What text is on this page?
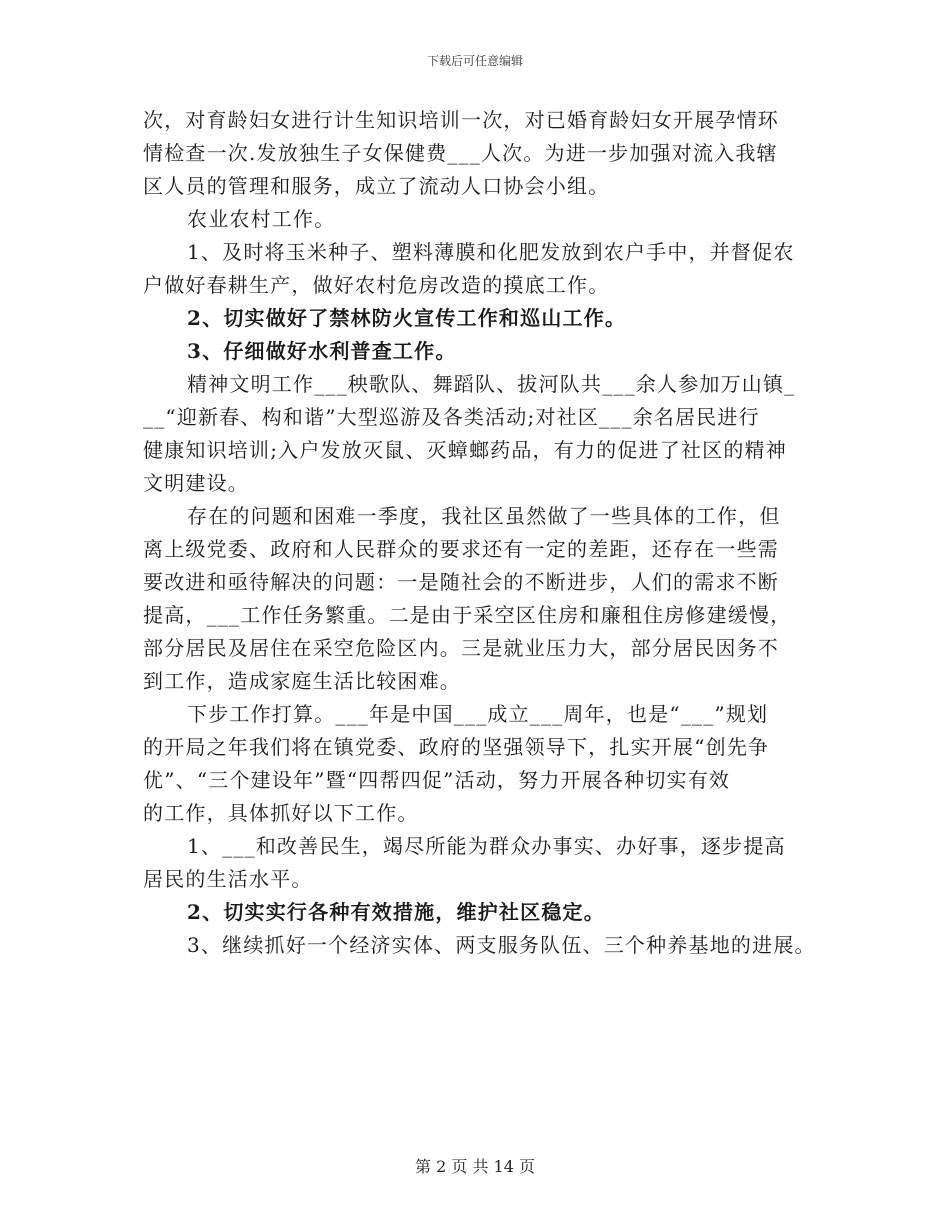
下载后可任意编辑
次，对育龄妇女进行计生知识培训一次，对已婚育龄妇女开展孕情环
情检查一次.发放独生子女保健费___人次。为进一步加强对流入我辖
区人员的管理和服务，成立了流动人口协会小组。
农业农村工作。
1、及时将玉米种子、塑料薄膜和化肥发放到农户手中，并督促农
户做好春耕生产，做好农村危房改造的摸底工作。
2、切实做好了禁林防火宣传工作和巡山工作。
3、仔细做好水利普查工作。
精神文明工作___秧歌队、舞蹈队、拔河队共___余人参加万山镇_
__“迎新春、构和谐”大型巡游及各类活动;对社区___余名居民进行
健康知识培训;入户发放灭鼠、灭蟑螂药品，有力的促进了社区的精神
文明建设。
存在的问题和困难一季度，我社区虽然做了一些具体的工作，但
离上级党委、政府和人民群众的要求还有一定的差距，还存在一些需
要改进和亟待解决的问题：一是随社会的不断进步，人们的需求不断
提高，___工作任务繁重。二是由于采空区住房和廉租住房修建缓慢，
部分居民及居住在采空危险区内。三是就业压力大，部分居民因务不
到工作，造成家庭生活比较困难。
下步工作打算。___年是中国___成立___周年，也是“___”规划
的开局之年我们将在镇党委、政府的坚强领导下，扎实开展“创先争
优”、“三个建设年”暨“四帮四促”活动，努力开展各种切实有效
的工作，具体抓好以下工作。
1、___和改善民生，竭尽所能为群众办事实、办好事，逐步提高
居民的生活水平。
2、切实实行各种有效措施，维护社区稳定。
3、继续抓好一个经济实体、两支服务队伍、三个种养基地的进展。
第 2 页 共 14 页
